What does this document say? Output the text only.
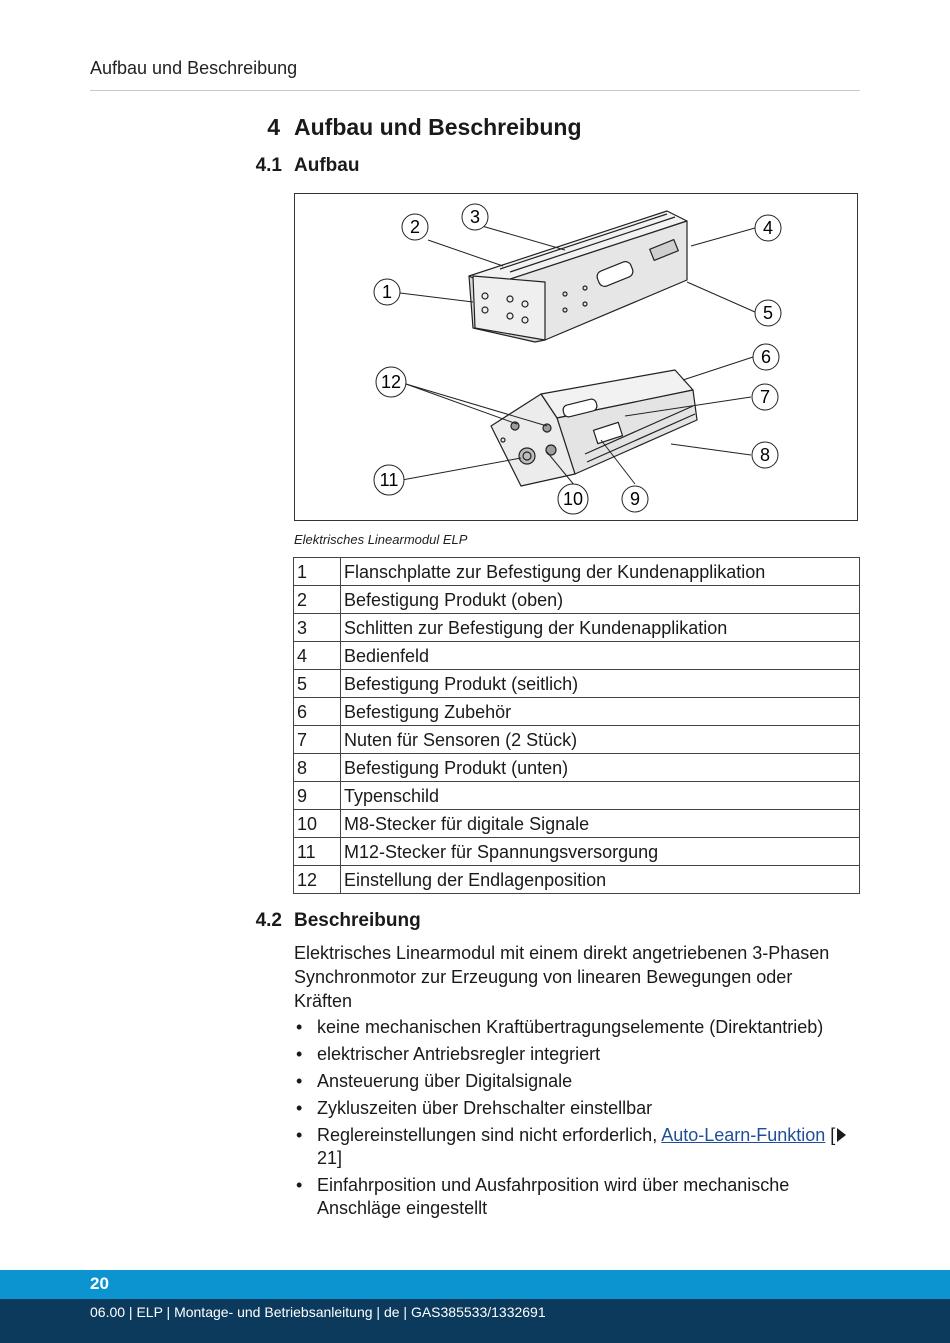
Aufbau und Beschreibung
4 Aufbau und Beschreibung
4.1 Aufbau
2	3
4
1
5
6
12
7
8
11
10	9
Elektrisches Linearmodul ELP
1	Flanschplatte zur Befestigung der Kundenapplikation
2	Befestigung Produkt (oben)
3	Schlitten zur Befestigung der Kundenapplikation
4	Bedienfeld
5	Befestigung Produkt (seitlich)
6	Befestigung Zubehör
7	Nuten für Sensoren (2 Stück)
8	Befestigung Produkt (unten)
9	Typenschild
10	M8-Stecker für digitale Signale
11	M12-Stecker für Spannungsversorgung
12	Einstellung der Endlagenposition
4.2 Beschreibung
Elektrisches Linearmodul mit einem direkt angetriebenen 3-Phasen Synchronmotor zur Erzeugung von linearen Bewegungen oder Kräften
• keine mechanischen Kraftübertragungselemente (Direktantrieb)
• elektrischer Antriebsregler integriert
• Ansteuerung über Digitalsignale
• Zykluszeiten über Drehschalter einstellbar
• Reglereinstellungen sind nicht erforderlich, Auto-Learn-Funktion [21]
• Einfahrposition und Ausfahrposition wird über mechanische Anschläge eingestellt
20
06.00 | ELP | Montage- und Betriebsanleitung | de | GAS385533/1332691
